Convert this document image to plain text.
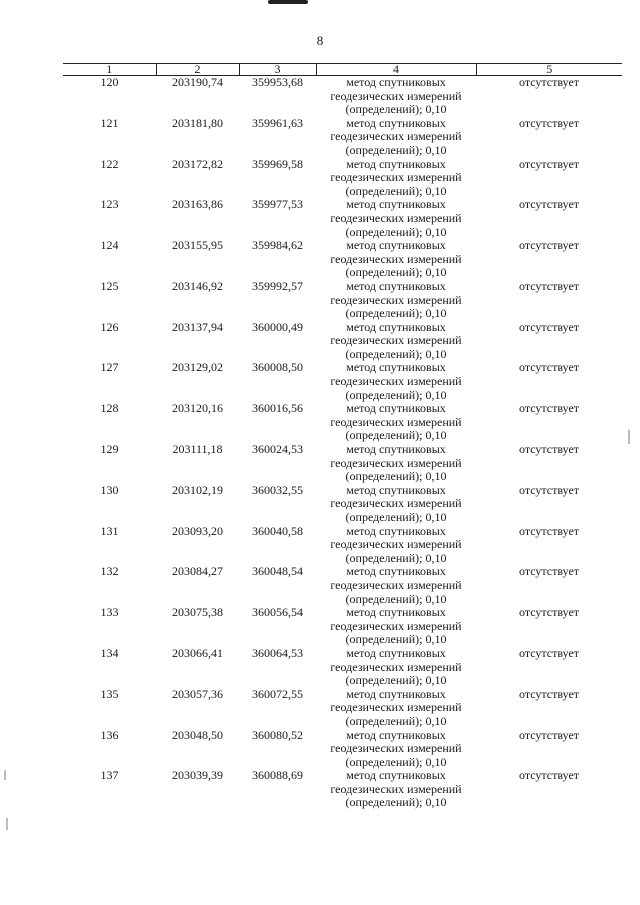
8
1	2	3	4	5
120	203190,74	359953,68	метод спутниковых
геодезических измерений
(определений); 0,10	отсутствует
121	203181,80	359961,63	метод спутниковых
геодезических измерений
(определений); 0,10	отсутствует
122	203172,82	359969,58	метод спутниковых
геодезических измерений
(определений); 0,10	отсутствует
123	203163,86	359977,53	метод спутниковых
геодезических измерений
(определений); 0,10	отсутствует
124	203155,95	359984,62	метод спутниковых
геодезических измерений
(определений); 0,10	отсутствует
125	203146,92	359992,57	метод спутниковых
геодезических измерений
(определений); 0,10	отсутствует
126	203137,94	360000,49	метод спутниковых
геодезических измерений
(определений); 0,10	отсутствует
127	203129,02	360008,50	метод спутниковых
геодезических измерений
(определений); 0,10	отсутствует
128	203120,16	360016,56	метод спутниковых
геодезических измерений
(определений); 0,10	отсутствует
129	203111,18	360024,53	метод спутниковых
геодезических измерений
(определений); 0,10	отсутствует
130	203102,19	360032,55	метод спутниковых
геодезических измерений
(определений); 0,10	отсутствует
131	203093,20	360040,58	метод спутниковых
геодезических измерений
(определений); 0,10	отсутствует
132	203084,27	360048,54	метод спутниковых
геодезических измерений
(определений); 0,10	отсутствует
133	203075,38	360056,54	метод спутниковых
геодезических измерений
(определений); 0,10	отсутствует
134	203066,41	360064,53	метод спутниковых
геодезических измерений
(определений); 0,10	отсутствует
135	203057,36	360072,55	метод спутниковых
геодезических измерений
(определений); 0,10	отсутствует
136	203048,50	360080,52	метод спутниковых
геодезических измерений
(определений); 0,10	отсутствует
137	203039,39	360088,69	метод спутниковых
геодезических измерений
(определений); 0,10	отсутствует
